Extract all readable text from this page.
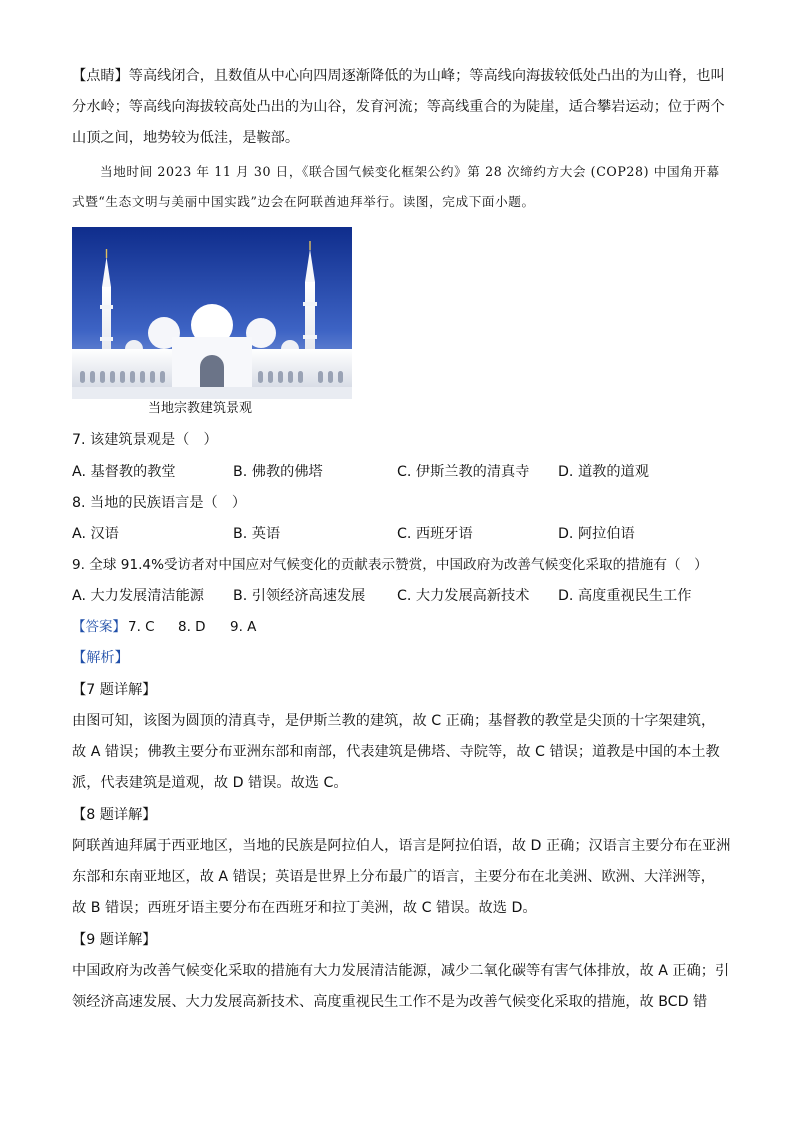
【点睛】等高线闭合，且数值从中心向四周逐渐降低的为山峰；等高线向海拔较低处凸出的为山脊，也叫
分水岭；等高线向海拔较高处凸出的为山谷，发育河流；等高线重合的为陡崖，适合攀岩运动；位于两个
山顶之间，地势较为低洼，是鞍部。
当地时间 2023 年 11 月 30 日，《联合国气候变化框架公约》第 28 次缔约方大会 (COP28) 中国角开幕
式暨“生态文明与美丽中国实践”边会在阿联酋迪拜举行。读图，完成下面小题。
当地宗教建筑景观
7. 该建筑景观是（　）
A. 基督教的教堂	B. 佛教的佛塔	C. 伊斯兰教的清真寺 D. 道教的道观
8. 当地的民族语言是（　）
A. 汉语	B. 英语	C. 西班牙语	D. 阿拉伯语
9. 全球 91.4%受访者对中国应对气候变化的贡献表示赞赏，中国政府为改善气候变化采取的措施有（　）
A. 大力发展清洁能源 B. 引领经济高速发展 C. 大力发展高新技术 D. 高度重视民生工作
【答案】 7. C 8. D 9. A
【解析】
【7 题详解】
由图可知，该图为圆顶的清真寺，是伊斯兰教的建筑，故 C 正确；基督教的教堂是尖顶的十字架建筑，
故 A 错误；佛教主要分布亚洲东部和南部，代表建筑是佛塔、寺院等，故 C 错误；道教是中国的本土教
派，代表建筑是道观，故 D 错误。故选 C。
【8 题详解】
阿联酋迪拜属于西亚地区，当地的民族是阿拉伯人，语言是阿拉伯语，故 D 正确；汉语言主要分布在亚洲
东部和东南亚地区，故 A 错误；英语是世界上分布最广的语言，主要分布在北美洲、欧洲、大洋洲等，
故 B 错误；西班牙语主要分布在西班牙和拉丁美洲，故 C 错误。故选 D。
【9 题详解】
中国政府为改善气候变化采取的措施有大力发展清洁能源，减少二氧化碳等有害气体排放，故 A 正确；引
领经济高速发展、大力发展高新技术、高度重视民生工作不是为改善气候变化采取的措施，故 BCD 错
